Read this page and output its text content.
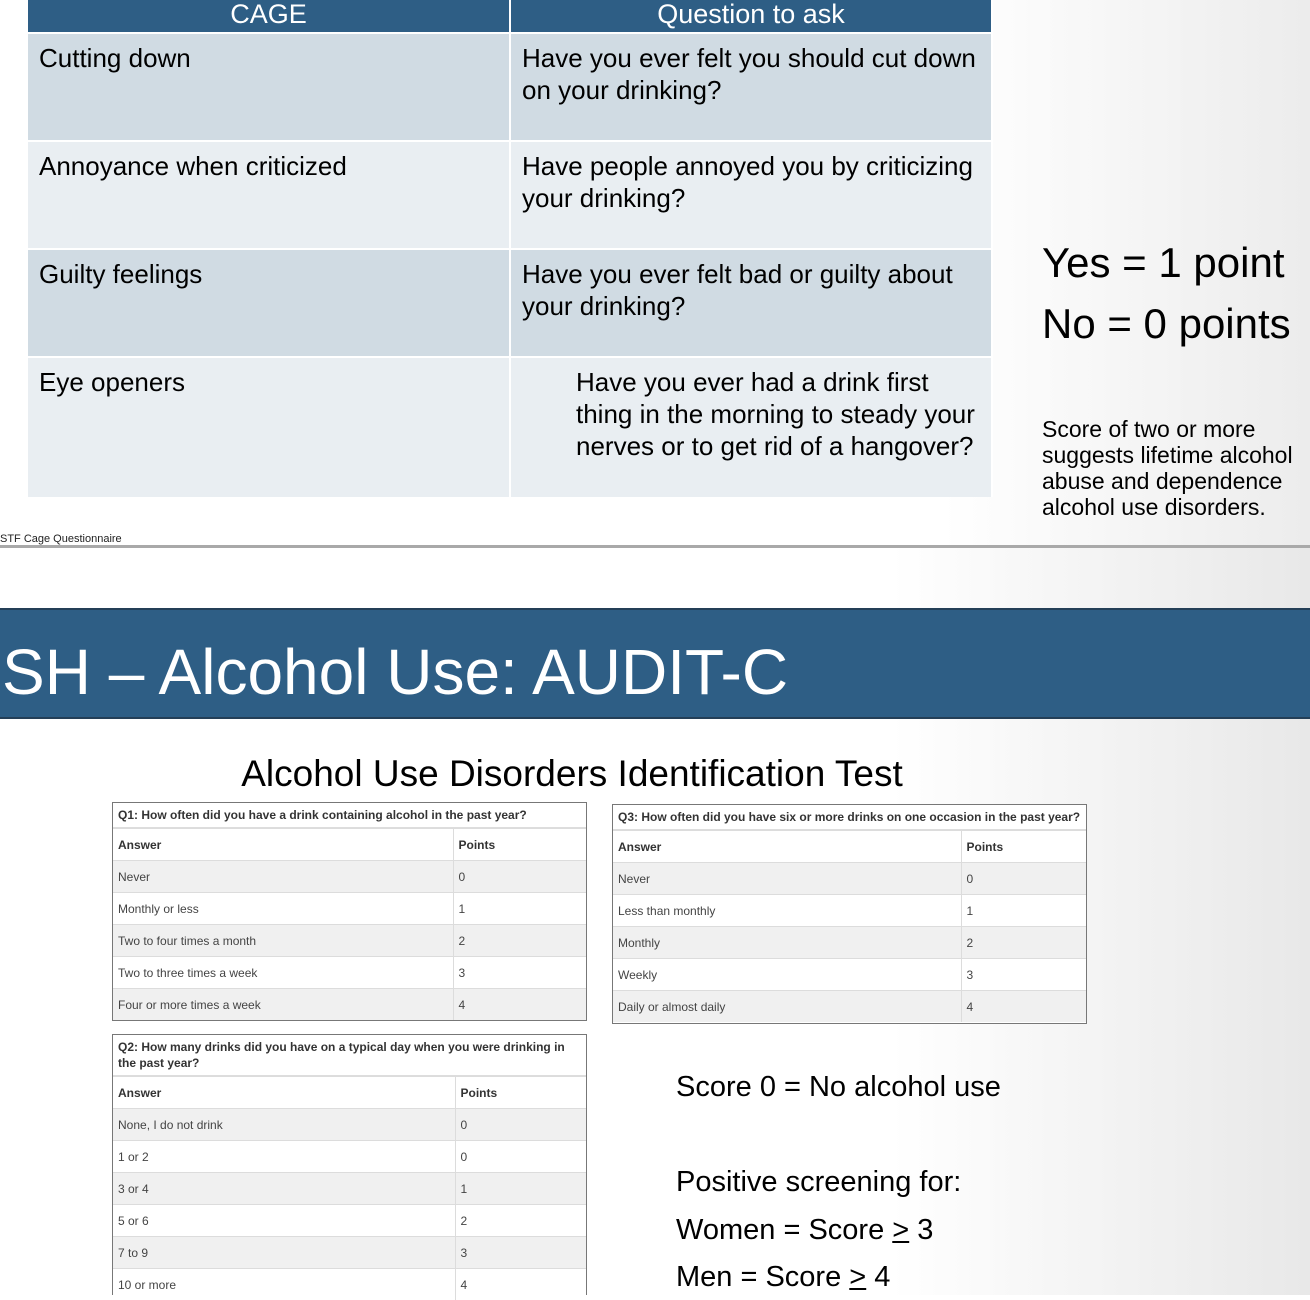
CAGE	Question to ask
Cutting down	Have you ever felt you should cut down on your drinking?
Annoyance when criticized	Have people annoyed you by criticizing your drinking?
Guilty feelings	Have you ever felt bad or guilty about your drinking?
Eye openers	Have you ever had a drink first thing in the morning to steady your nerves or to get rid of a hangover?
Yes = 1 point
No = 0 points
Score of two or more suggests lifetime alcohol abuse and dependence alcohol use disorders.
STF Cage Questionnaire
SH – Alcohol Use: AUDIT-C
Alcohol Use Disorders Identification Test
Q1: How often did you have a drink containing alcohol in the past year?
Answer	Points
Never	0
Monthly or less	1
Two to four times a month	2
Two to three times a week	3
Four or more times a week	4
Q3: How often did you have six or more drinks on one occasion in the past year?
Answer	Points
Never	0
Less than monthly	1
Monthly	2
Weekly	3
Daily or almost daily	4
Q2: How many drinks did you have on a typical day when you were drinking in the past year?
Answer	Points
None, I do not drink	0
1 or 2	0
3 or 4	1
5 or 6	2
7 to 9	3
10 or more	4
Score 0 = No alcohol use
Positive screening for:
Women = Score ≥ 3
Men = Score ≥ 4
